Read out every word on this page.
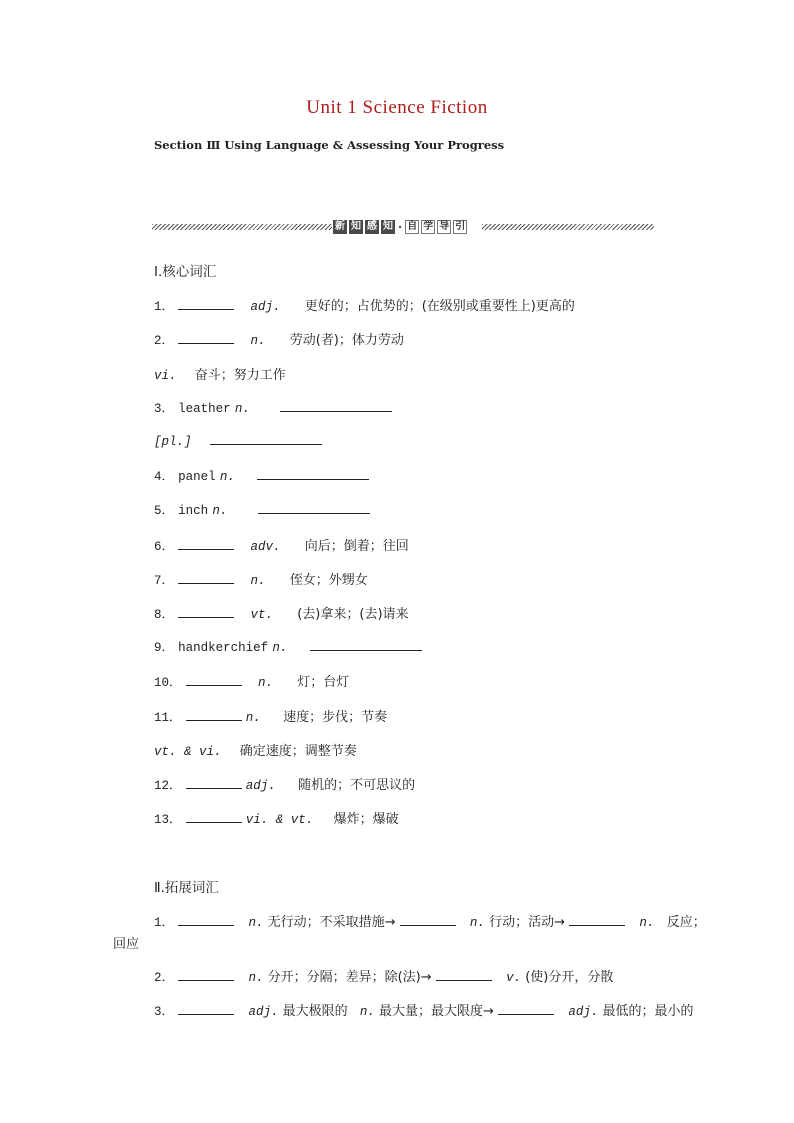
Unit 1 Science Fiction
Section Ⅲ Using Language & Assessing Your Progress
新 知 感 知 · 自 学 导 引
Ⅰ.核心词汇
1．	adj. 更好的；占优势的；(在级别或重要性上)更高的
2．	n. 劳动(者)；体力劳动
vi. 奋斗；努力工作
3． leather n.
[pl.]
4． panel n.
5． inch n.
6．	adv. 向后；倒着；往回
7．	n. 侄女；外甥女
8．	vt. (去)拿来；(去)请来
9． handkerchief n.
10．	n. 灯；台灯
11．	n. 速度；步伐；节奏
vt. & vi. 确定速度；调整节奏
12．	adj. 随机的；不可思议的
13．	vi. & vt. 爆炸；爆破
Ⅱ.拓展词汇
1．	n. 无行动；不采取措施→	n. 行动；活动→	n. 反应；
回应
2．	n. 分开；分隔；差异；除(法)→	v. (使)分开，分散
3．	adj. 最大极限的 n. 最大量；最大限度→	adj. 最低的；最小的
